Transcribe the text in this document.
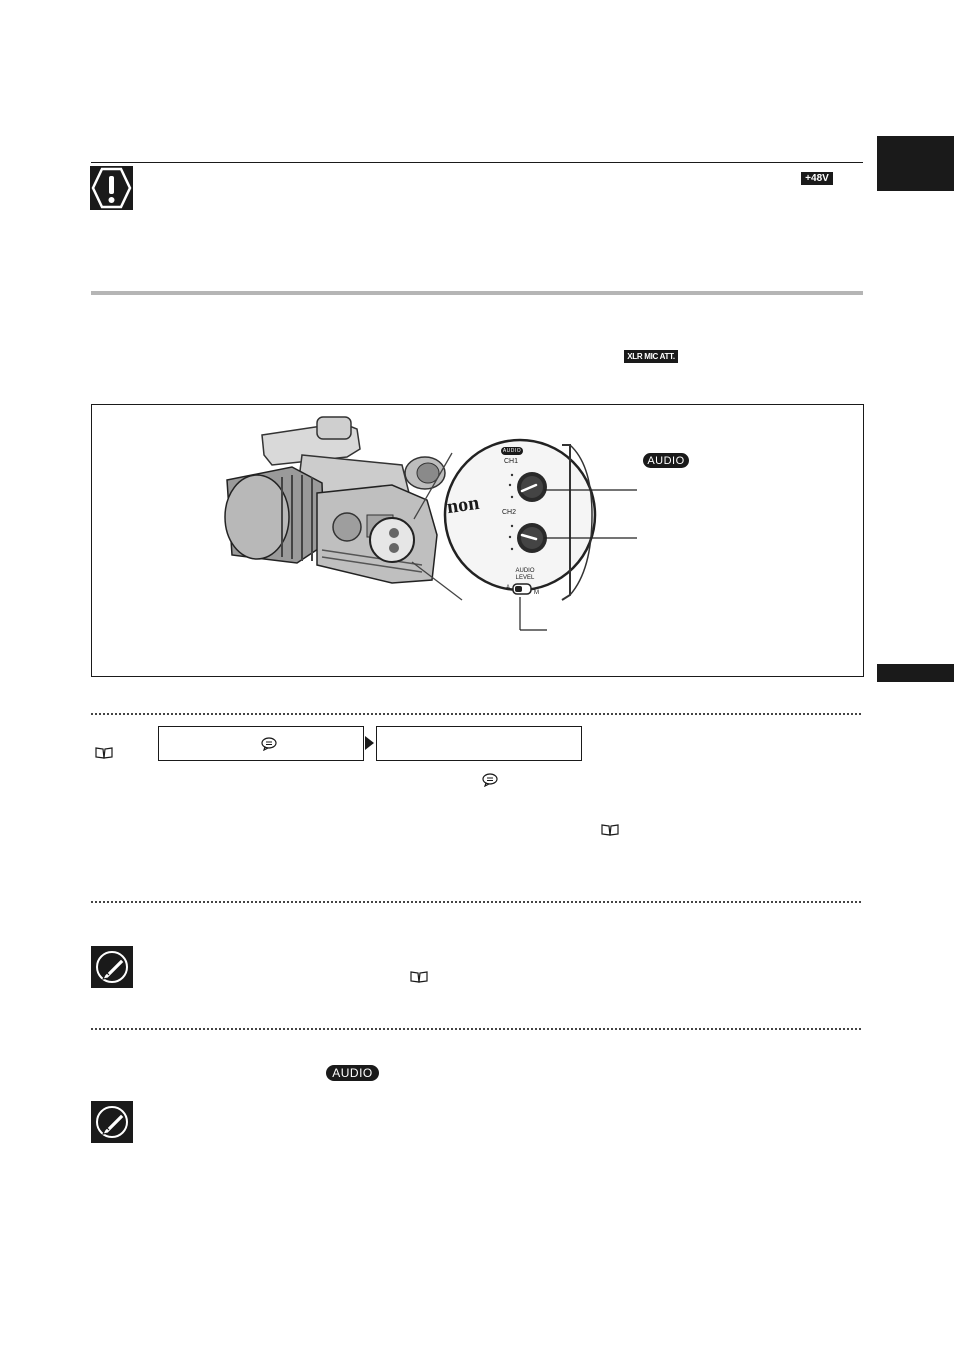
+48V
XLR MIC ATT.
non
AUDIO
CH1
CH2
AUDIO LEVEL
A
M
AUDIO
AUDIO
